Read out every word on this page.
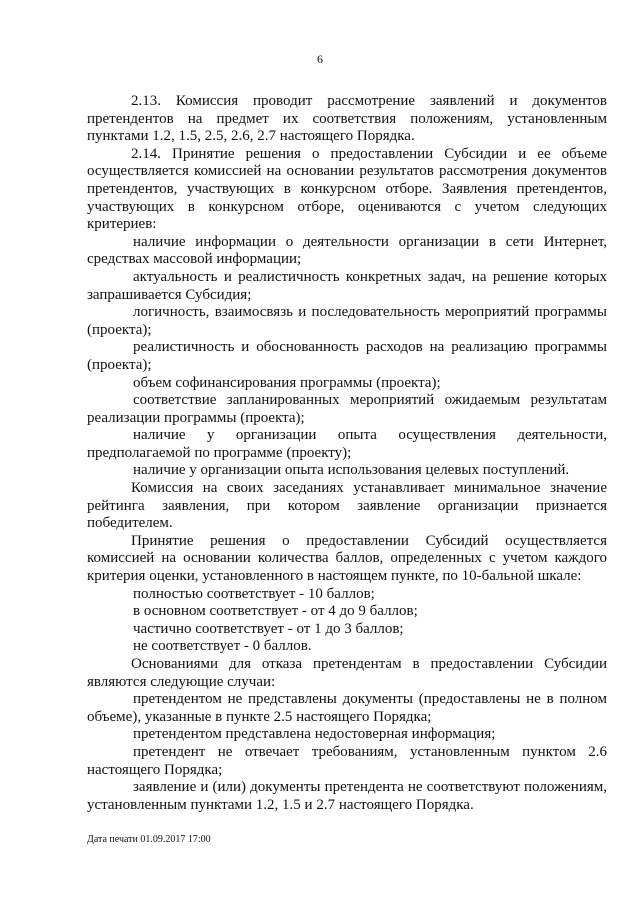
6

2.13. Комиссия проводит рассмотрение заявлений и документов претендентов на предмет их соответствия положениям, установленным пунктами 1.2, 1.5, 2.5, 2.6, 2.7 настоящего Порядка.

2.14. Принятие решения о предоставлении Субсидии и ее объеме осуществляется комиссией на основании результатов рассмотрения документов претендентов, участвующих в конкурсном отборе. Заявления претендентов, участвующих в конкурсном отборе, оцениваются с учетом следующих критериев:

наличие информации о деятельности организации в сети Интернет, средствах массовой информации;

актуальность и реалистичность конкретных задач, на решение которых запрашивается Субсидия;

логичность, взаимосвязь и последовательность мероприятий программы (проекта);

реалистичность и обоснованность расходов на реализацию программы (проекта);

объем софинансирования программы (проекта);

соответствие запланированных мероприятий ожидаемым результатам реализации программы (проекта);

наличие у организации опыта осуществления деятельности, предполагаемой по программе (проекту);

наличие у организации опыта использования целевых поступлений.

Комиссия на своих заседаниях устанавливает минимальное значение рейтинга заявления, при котором заявление организации признается победителем.

Принятие решения о предоставлении Субсидий осуществляется комиссией на основании количества баллов, определенных с учетом каждого критерия оценки, установленного в настоящем пункте, по 10-бальной шкале:

полностью соответствует - 10 баллов;

в основном соответствует - от 4 до 9 баллов;

частично соответствует - от 1 до 3 баллов;

не соответствует - 0 баллов.

Основаниями для отказа претендентам в предоставлении Субсидии являются следующие случаи:

претендентом не представлены документы (предоставлены не в полном объеме), указанные в пункте 2.5 настоящего Порядка;

претендентом представлена недостоверная информация;

претендент не отвечает требованиям, установленным пунктом 2.6 настоящего Порядка;

заявление и (или) документы претендента не соответствуют положениям, установленным пунктами 1.2, 1.5 и 2.7 настоящего Порядка.

Дата печати 01.09.2017 17:00
